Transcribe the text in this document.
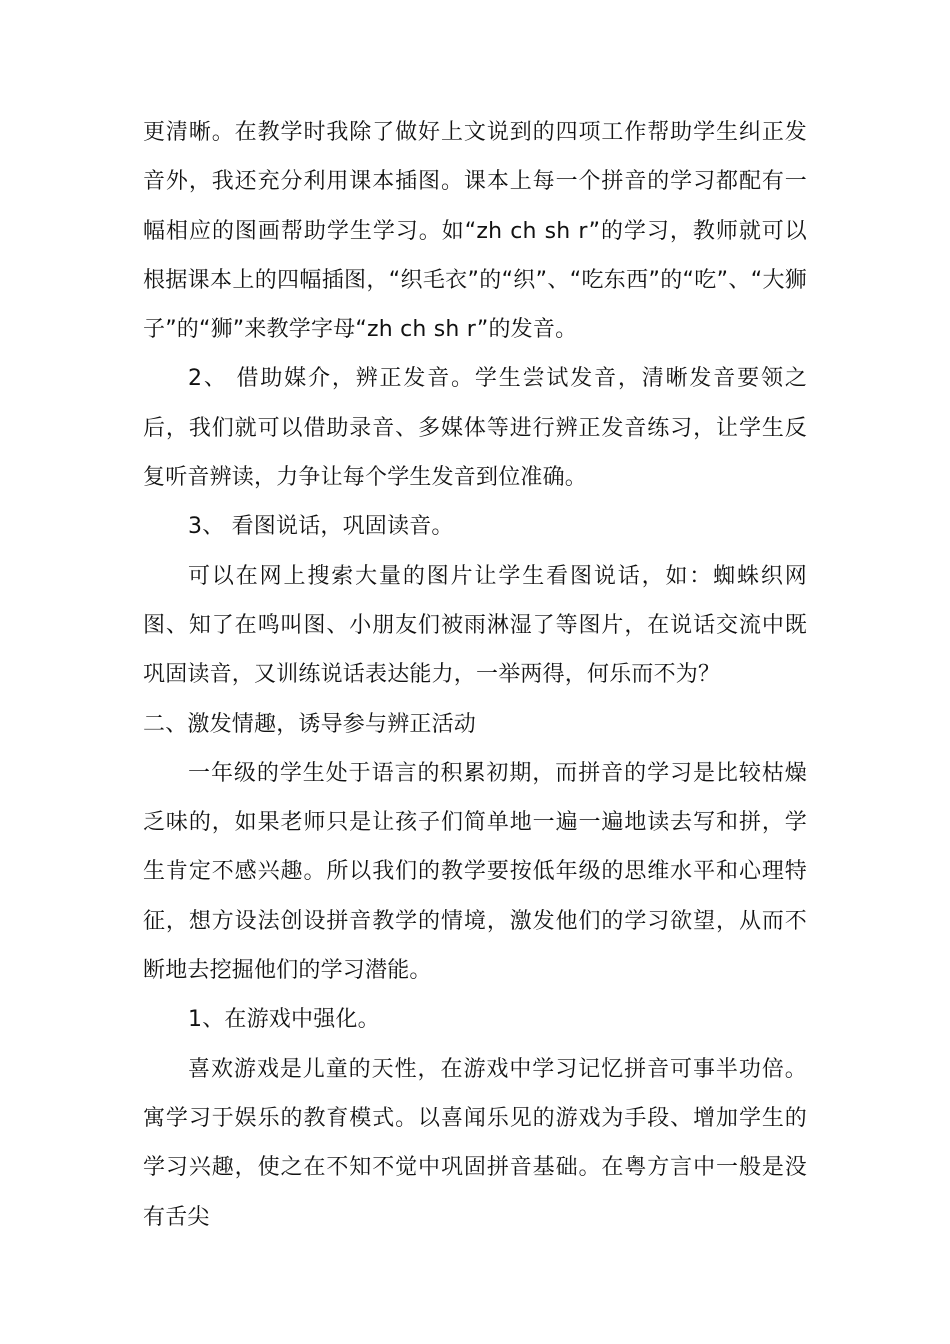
更清晰。在教学时我除了做好上文说到的四项工作帮助学生纠正发音外，我还充分利用课本插图。课本上每一个拼音的学习都配有一幅相应的图画帮助学生学习。如“zh ch sh r”的学习，教师就可以根据课本上的四幅插图，“织毛衣”的“织”、“吃东西”的“吃”、“大狮子”的“狮”来教学字母“zh ch sh r”的发音。

2、 借助媒介，辨正发音。学生尝试发音，清晰发音要领之后，我们就可以借助录音、多媒体等进行辨正发音练习，让学生反复听音辨读，力争让每个学生发音到位准确。

3、 看图说话，巩固读音。

可以在网上搜索大量的图片让学生看图说话，如：蜘蛛织网图、知了在鸣叫图、小朋友们被雨淋湿了等图片，在说话交流中既巩固读音，又训练说话表达能力，一举两得，何乐而不为？

二、激发情趣，诱导参与辨正活动

一年级的学生处于语言的积累初期，而拼音的学习是比较枯燥乏味的，如果老师只是让孩子们简单地一遍一遍地读去写和拼，学生肯定不感兴趣。所以我们的教学要按低年级的思维水平和心理特征，想方设法创设拼音教学的情境，激发他们的学习欲望，从而不断地去挖掘他们的学习潜能。

1、在游戏中强化。

喜欢游戏是儿童的天性，在游戏中学习记忆拼音可事半功倍。寓学习于娱乐的教育模式。以喜闻乐见的游戏为手段、增加学生的学习兴趣，使之在不知不觉中巩固拼音基础。在粤方言中一般是没有舌尖
